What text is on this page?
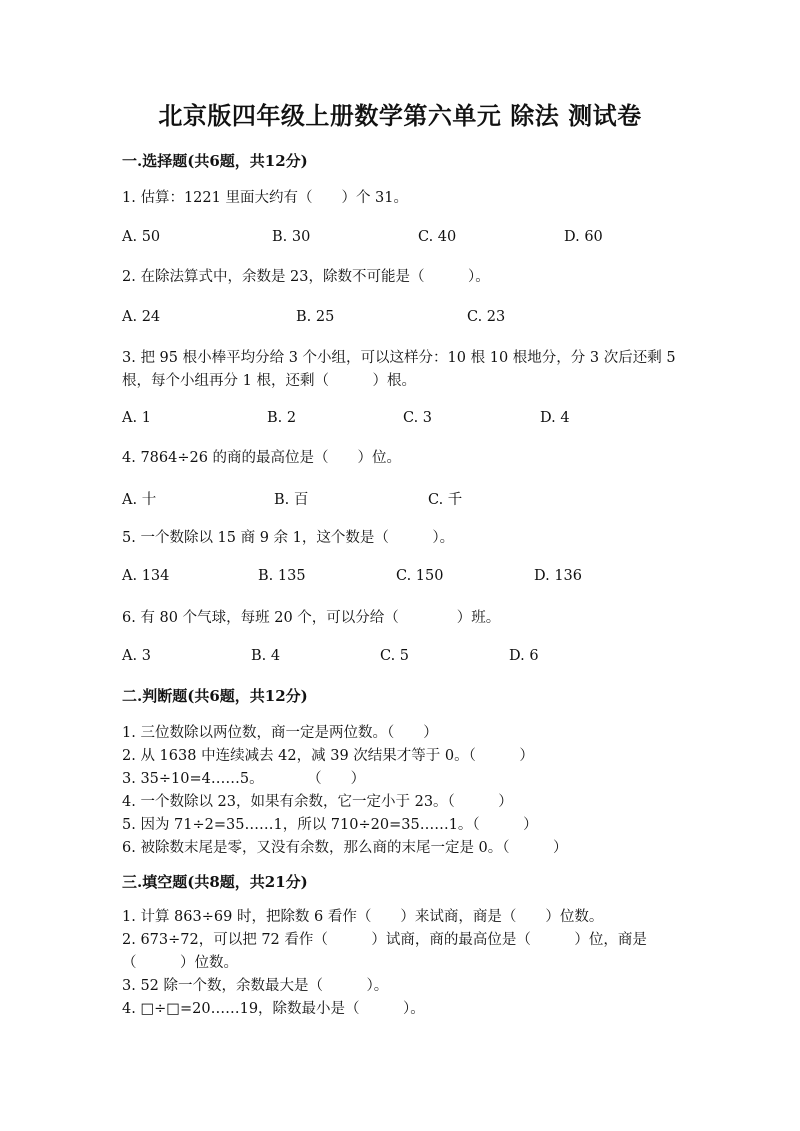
北京版四年级上册数学第六单元 除法 测试卷
一.选择题(共6题，共12分)
1. 估算：1221 里面大约有（　　）个 31。
A. 50	B. 30	C. 40	D. 60
2. 在除法算式中，余数是 23，除数不可能是（　　　）。
A. 24	B. 25	C. 23
3. 把 95 根小棒平均分给 3 个小组，可以这样分：10 根 10 根地分，分 3 次后还剩 5 根，每个小组再分 1 根，还剩（　　　）根。
A. 1	B. 2	C. 3	D. 4
4. 7864÷26 的商的最高位是（　　）位。
A. 十	B. 百	C. 千
5. 一个数除以 15 商 9 余 1，这个数是（　　　）。
A. 134	B. 135	C. 150	D. 136
6. 有 80 个气球，每班 20 个，可以分给（　　　　）班。
A. 3	B. 4	C. 5	D. 6
二.判断题(共6题，共12分)
1. 三位数除以两位数，商一定是两位数。（　　）
2. 从 1638 中连续减去 42，减 39 次结果才等于 0。（　　　）
3. 35÷10=4……5。　　　　（　　）
4. 一个数除以 23，如果有余数，它一定小于 23。（　　　）
5. 因为 71÷2=35……1，所以 710÷20=35……1。（　　　）
6. 被除数末尾是零，又没有余数，那么商的末尾一定是 0。（　　　）
三.填空题(共8题，共21分)
1. 计算 863÷69 时，把除数 6 看作（　　）来试商，商是（　　）位数。
2. 673÷72，可以把 72 看作（　　　）试商，商的最高位是（　　　）位，商是（　　　）位数。
3. 52 除一个数，余数最大是（　　　）。
4. □÷□=20……19，除数最小是（　　　）。
